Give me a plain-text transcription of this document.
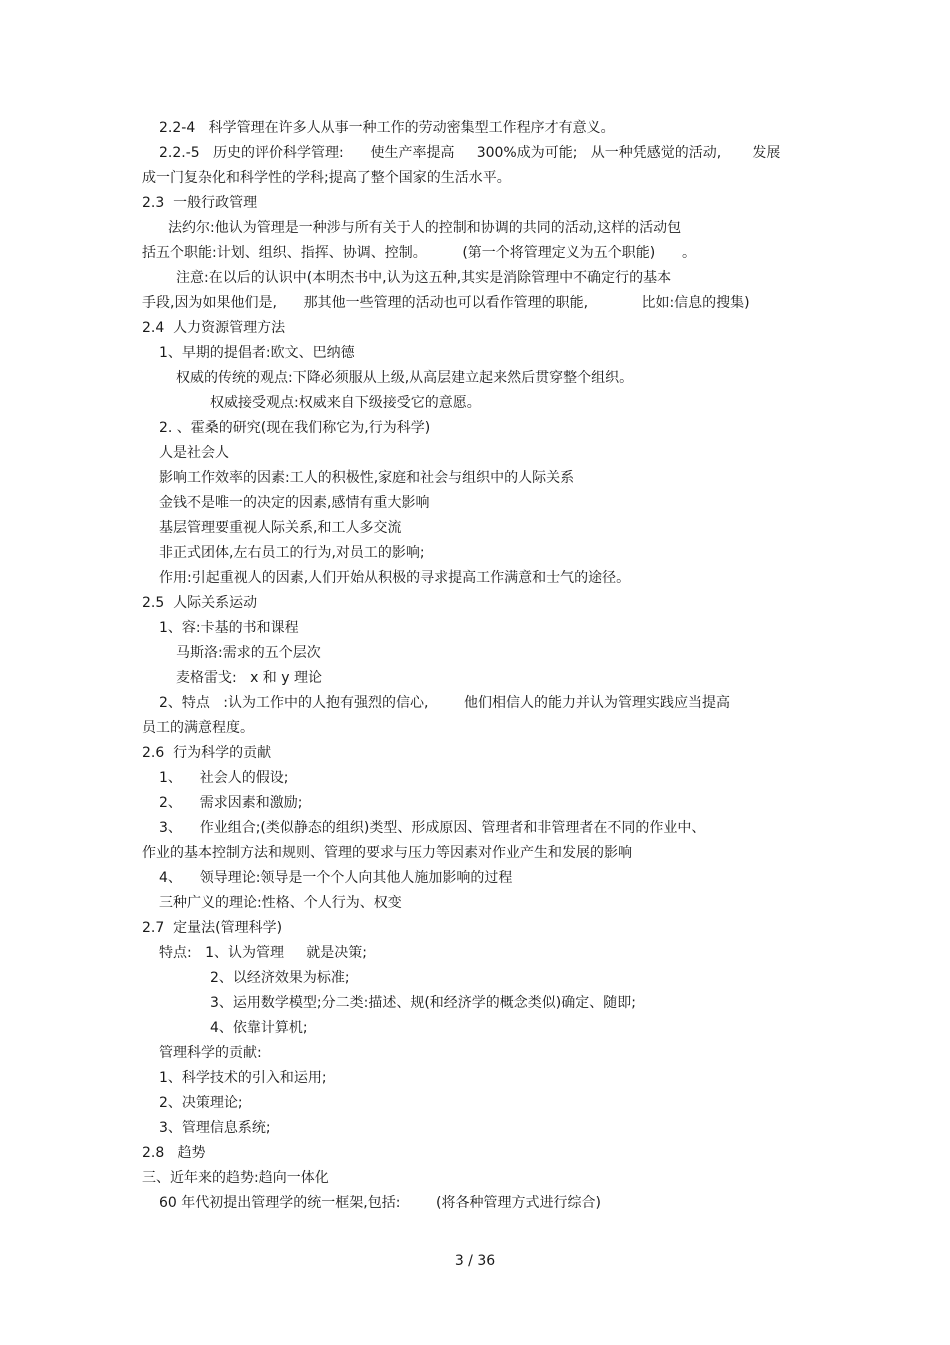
2.2-4   科学管理在许多人从事一种工作的劳动密集型工作程序才有意义。
2.2.-5   历史的评价科学管理:      使生产率提高     300%成为可能;   从一种凭感觉的活动,       发展
成一门复杂化和科学性的学科;提高了整个国家的生活水平。
2.3  一般行政管理
法约尔:他认为管理是一种涉与所有关于人的控制和协调的共同的活动,这样的活动包
括五个职能:计划、组织、指挥、协调、控制。        (第一个将管理定义为五个职能)      。
注意:在以后的认识中(本明杰书中,认为这五种,其实是消除管理中不确定行的基本
手段,因为如果他们是,      那其他一些管理的活动也可以看作管理的职能,            比如:信息的搜集)
2.4  人力资源管理方法
1、早期的提倡者:欧文、巴纳德
权威的传统的观点:下降必须服从上级,从高层建立起来然后贯穿整个组织。
权威接受观点:权威来自下级接受它的意愿。
2. 、霍桑的研究(现在我们称它为,行为科学)
人是社会人
影响工作效率的因素:工人的积极性,家庭和社会与组织中的人际关系
金钱不是唯一的决定的因素,感情有重大影响
基层管理要重视人际关系,和工人多交流
非正式团体,左右员工的行为,对员工的影响;
作用:引起重视人的因素,人们开始从积极的寻求提高工作满意和士气的途径。
2.5  人际关系运动
1、容:卡基的书和课程
马斯洛:需求的五个层次
麦格雷戈:   x 和 y 理论
2、特点   :认为工作中的人抱有强烈的信心,        他们相信人的能力并认为管理实践应当提高
员工的满意程度。
2.6  行为科学的贡献
1、    社会人的假设;
2、    需求因素和激励;
3、    作业组合;(类似静态的组织)类型、形成原因、管理者和非管理者在不同的作业中、
作业的基本控制方法和规则、管理的要求与压力等因素对作业产生和发展的影响
4、    领导理论:领导是一个个人向其他人施加影响的过程
三种广义的理论:性格、个人行为、权变
2.7  定量法(管理科学)
特点:   1、认为管理     就是决策;
2、以经济效果为标准;
3、运用数学模型;分二类:描述、规(和经济学的概念类似)确定、随即;
4、依靠计算机;
管理科学的贡献:
1、科学技术的引入和运用;
2、决策理论;
3、管理信息系统;
2.8   趋势
三、近年来的趋势:趋向一体化
60 年代初提出管理学的统一框架,包括:        (将各种管理方式进行综合)
3 / 36
